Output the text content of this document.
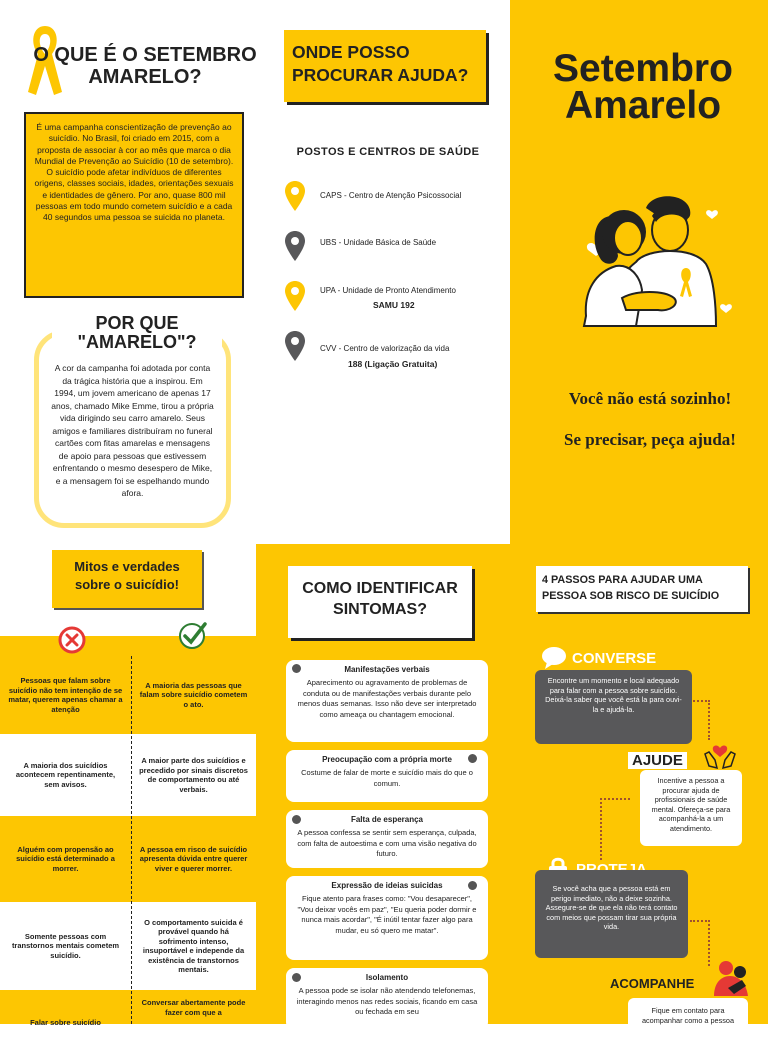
O QUE É O SETEMBRO AMARELO?
É uma campanha conscientização de prevenção ao suicídio. No Brasil, foi criado em 2015, com a proposta de associar à cor ao mês que marca o dia Mundial de Prevenção ao Suicídio (10 de setembro). O suicídio pode afetar indivíduos de diferentes origens, classes sociais, idades, orientações sexuais e identidades de gênero. Por ano, quase 800 mil pessoas em todo mundo cometem suicídio e a cada 40 segundos uma pessoa se suicida no planeta.
A cor da campanha foi adotada por conta da trágica história que a inspirou. Em 1994, um jovem americano de apenas 17 anos, chamado Mike Emme, tirou a própria vida dirigindo seu carro amarelo. Seus amigos e familiares distribuíram no funeral cartões com fitas amarelas e mensagens de apoio para pessoas que estivessem enfrentando o mesmo desespero de Mike, e a mensagem foi se espelhando mundo afora.
POR QUE "AMARELO"?
ONDE POSSO PROCURAR AJUDA?
POSTOS E CENTROS DE SAÚDE
CAPS - Centro de Atenção Psicossocial
UBS - Unidade Básica de Saúde
UPA - Unidade de Pronto Atendimento
SAMU 192
CVV - Centro de valorização da vida
188 (Ligação Gratuita)
Setembro
Amarelo
Você não está sozinho!
Se precisar, peça ajuda!
Mitos e verdades sobre o suicídio!
Pessoas que falam sobre suicídio não tem intenção de se matar, querem apenas chamar a atenção
A maioria das pessoas que falam sobre suicídio cometem o ato.
A maioria dos suicídios acontecem repentinamente, sem avisos.
A maior parte dos suicídios e precedido por sinais discretos de comportamento ou até verbais.
Alguém com propensão ao suicídio está determinado a morrer.
A pessoa em risco de suicídio apresenta dúvida entre querer viver e querer morrer.
Somente pessoas com transtornos mentais cometem suicídio.
O comportamento suicida é provável quando há sofrimento intenso, insuportável e independe da existência de transtornos mentais.
Falar sobre suicídio
Conversar abertamente pode fazer com que a
COMO IDENTIFICAR SINTOMAS?
Manifestações verbais
Aparecimento ou agravamento de problemas de conduta ou de manifestações verbais durante pelo menos duas semanas. Isso não deve ser interpretado como ameaça ou chantagem emocional.
Preocupação com a própria morte
Costume de falar de morte e suicídio mais do que o comum.
Falta de esperança
A pessoa confessa se sentir sem esperança, culpada, com falta de autoestima e com uma visão negativa do futuro.
Expressão de ideias suicidas
Fique atento para frases como: "Vou desaparecer", "Vou deixar vocês em paz", "Eu queria poder dormir e nunca mais acordar", "É inútil tentar fazer algo para mudar, eu só quero me matar".
Isolamento
A pessoa pode se isolar não atendendo telefonemas, interagindo menos nas redes sociais, ficando em casa ou fechada em seu
4 PASSOS PARA AJUDAR UMA PESSOA SOB RISCO DE SUICÍDIO
CONVERSE
Encontre um momento e local adequado para falar com a pessoa sobre suicídio. Deixá-la saber que você está la para ouvi-la e ajudá-la.
AJUDE
Incentive a pessoa a procurar ajuda de profissionais de saúde mental. Ofereça-se para acompanhá-la a um atendimento.
Se você acha que a pessoa está em perigo imediato, não a deixe sozinha. Assegure-se de que ela não terá contato com meios que possam tirar sua própria vida.
ACOMPANHE
Fique em contato para acompanhar como a pessoa
